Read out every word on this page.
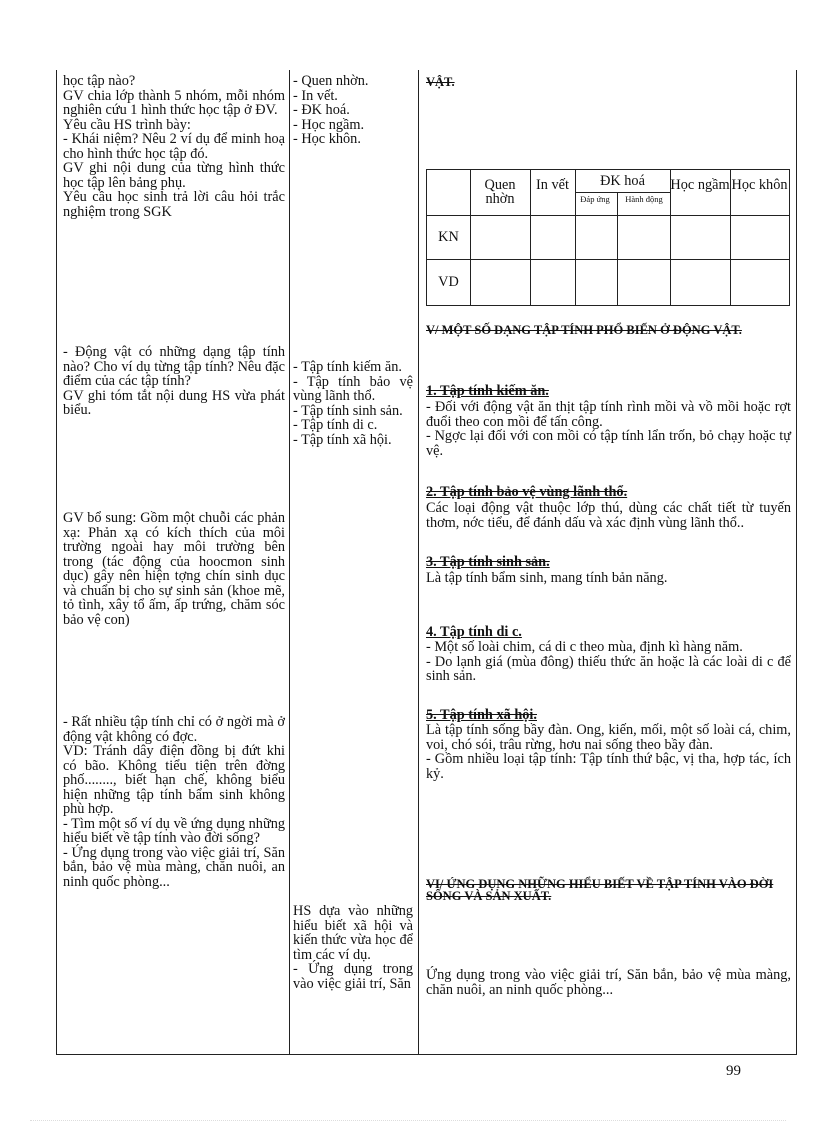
học tập nào?
GV chia lớp thành 5 nhóm, mỗi nhóm nghiên cứu 1 hình thức học tập ở ĐV.
Yêu cầu HS trình bày:
- Khái niệm? Nêu 2 ví dụ để minh hoạ cho hình thức học tập đó.
GV ghi nội dung của từng hình thức học tập lên bảng phụ.
Yêu cầu học sinh trả lời câu hỏi trắc nghiệm trong SGK
- Động vật có những dạng tập tính nào? Cho ví dụ từng tập tính? Nêu đặc điểm của các tập tính?
GV ghi tóm tắt nội dung HS vừa phát biểu.
GV bổ sung: Gồm một chuỗi các phản xạ: Phản xạ có kích thích của môi trường ngoài hay môi trường bên trong (tác động của hoocmon sinh dục) gây nên hiện tợng chín sinh dục và chuẩn bị cho sự sinh sản (khoe mẽ, tỏ tình, xây tổ ấm, ấp trứng, chăm sóc bảo vệ con)
- Rất nhiều tập tính chỉ có ở ngời mà ở động vật không có đợc.
VD: Tránh dây điện đồng bị đứt khi có bão. Không tiểu tiện trên đờng phố........, biết hạn chế, không biểu hiện những tập tính bẩm sinh không phù hợp.
- Tìm một số ví dụ về ứng dụng những hiểu biết về tập tính vào đời sống?
- Ứng dụng trong vào việc giải trí, Săn bắn, bảo vệ mùa màng, chăn nuôi, an ninh quốc phòng...
- Quen nhờn.
- In vết.
- ĐK hoá.
- Học ngầm.
- Học khôn.
- Tập tính kiếm ăn.
- Tập tính bảo vệ vùng lãnh thổ.
- Tập tính sinh sản.
- Tập tính di c.
- Tập tính xã hội.
HS dựa vào những hiểu biết xã hội và kiến thức vừa học để tìm các ví dụ.
- Ứng dụng trong vào việc giải trí, Săn
VẬT.
Quen nhờn
In vết	ĐK hoá
Đáp ứng	Hành động
Học ngầm Học khôn
KN
VD
V/ MỘT SỐ DẠNG TẬP TÍNH PHỔ BIẾN Ở ĐỘNG VẬT.
1. Tập tính kiếm ăn.
- Đối với động vật ăn thịt tập tính rình mồi và vồ mồi hoặc rợt đuổi theo con mồi để tấn công.
- Ngợc lại đối với con mồi có tập tính lẩn trốn, bỏ chạy hoặc tự vệ.
2. Tập tính bảo vệ vùng lãnh thổ.
Các loại động vật thuộc lớp thú, dùng các chất tiết từ tuyến thơm, nớc tiểu, để đánh dấu và xác định vùng lãnh thổ..
3. Tập tính sinh sản.
Là tập tính bẩm sinh, mang tính bản năng.
4. Tập tính di c.
- Một số loài chim, cá di c theo mùa, định kì hàng năm.
- Do lạnh giá (mùa đông) thiếu thức ăn hoặc là các loài di c để sinh sản.
5. Tập tính xã hội.
Là tập tính sống bầy đàn. Ong, kiến, mối, một số loài cá, chim, voi, chó sói, trâu rừng, hơu nai sống theo bầy đàn.
- Gồm nhiều loại tập tính: Tập tính thứ bậc, vị tha, hợp tác, ích kỷ.
VI/ ỨNG DỤNG NHỮNG HIỂU BIẾT VỀ TẬP TÍNH VÀO ĐỜI SỐNG VÀ SẢN XUẤT.
Ứng dụng trong vào việc giải trí, Săn bắn, bảo vệ mùa màng, chăn nuôi, an ninh quốc phòng...
99
